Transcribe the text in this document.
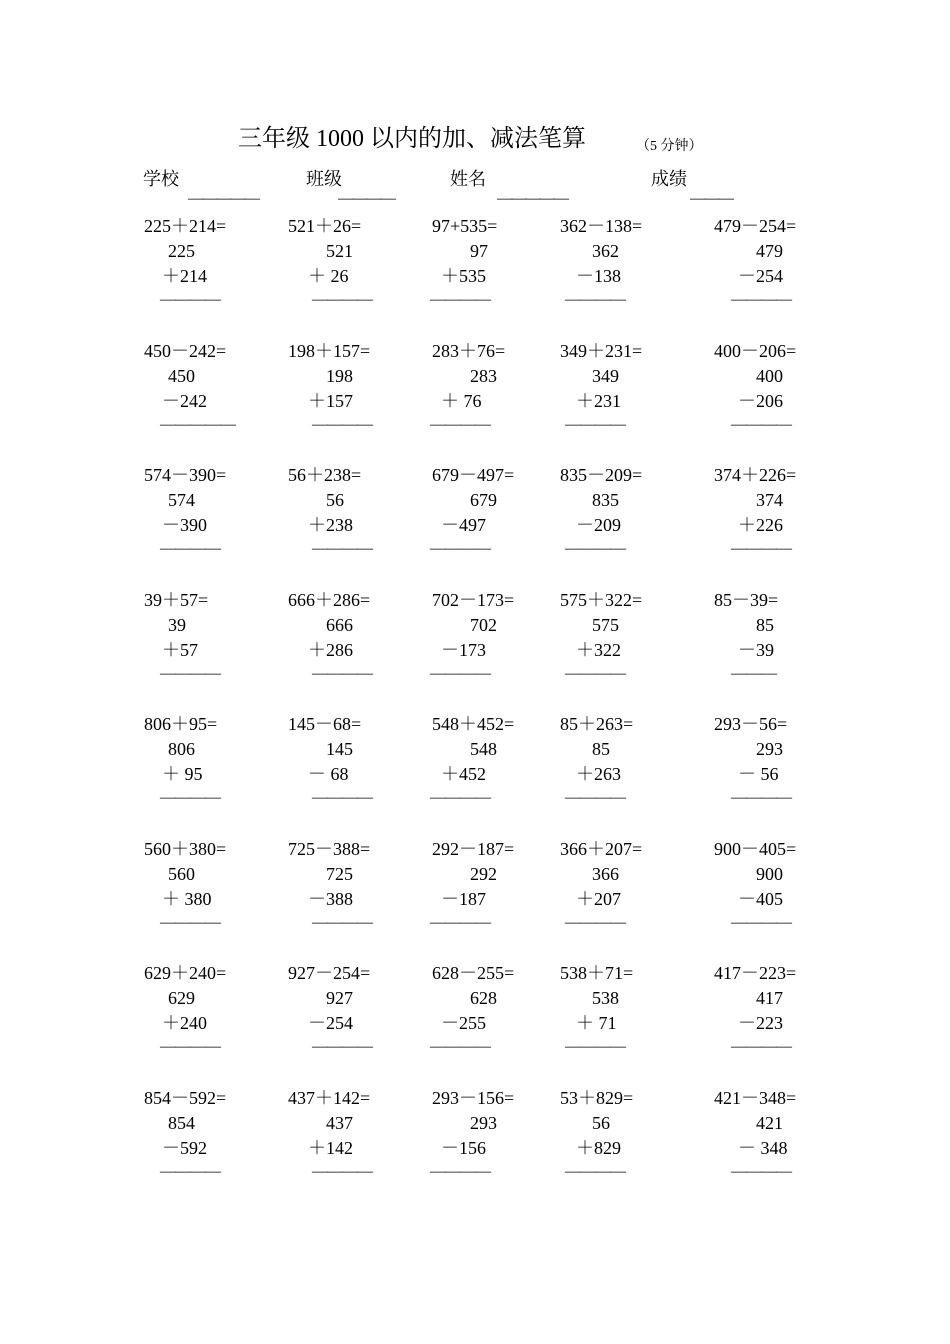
三年级 1000 以内的加、减法笔算	（5 分钟）
学校
—————
班级
————
姓名
—————
成绩
———
225＋214=
225
＋214
————
521＋26=
521
＋ 26
————
97+535=
97
＋535
————
362－138=
362
－138
————
479－254=
479
－254
————
450－242=
450
－242
—————
198＋157=
198
＋157
————
283＋76=
283
＋ 76
————
349＋231=
349
＋231
————
400－206=
400
－206
————
574－390=
574
－390
————
56＋238=
56
＋238
————
679－497=
679
－497
————
835－209=
835
－209
————
374＋226=
374
＋226
————
39＋57=
39
＋57
————
666＋286=
666
＋286
————
702－173=
702
－173
————
575＋322=
575
＋322
————
85－39=
85
－39
———
806＋95=
806
＋ 95
————
145－68=
145
－ 68
————
548＋452=
548
＋452
————
85＋263=
85
＋263
————
293－56=
293
－ 56
————
560＋380=
560
＋ 380
————
725－388=
725
－388
————
292－187=
292
－187
————
366＋207=
366
＋207
————
900－405=
900
－405
————
629＋240=
629
＋240
————
927－254=
927
－254
————
628－255=
628
－255
————
538＋71=
538
＋ 71
————
417－223=
417
－223
————
854－592=
854
－592
————
437＋142=
437
＋142
————
293－156=
293
－156
————
53＋829=
56
＋829
————
421－348=
421
－ 348
————
